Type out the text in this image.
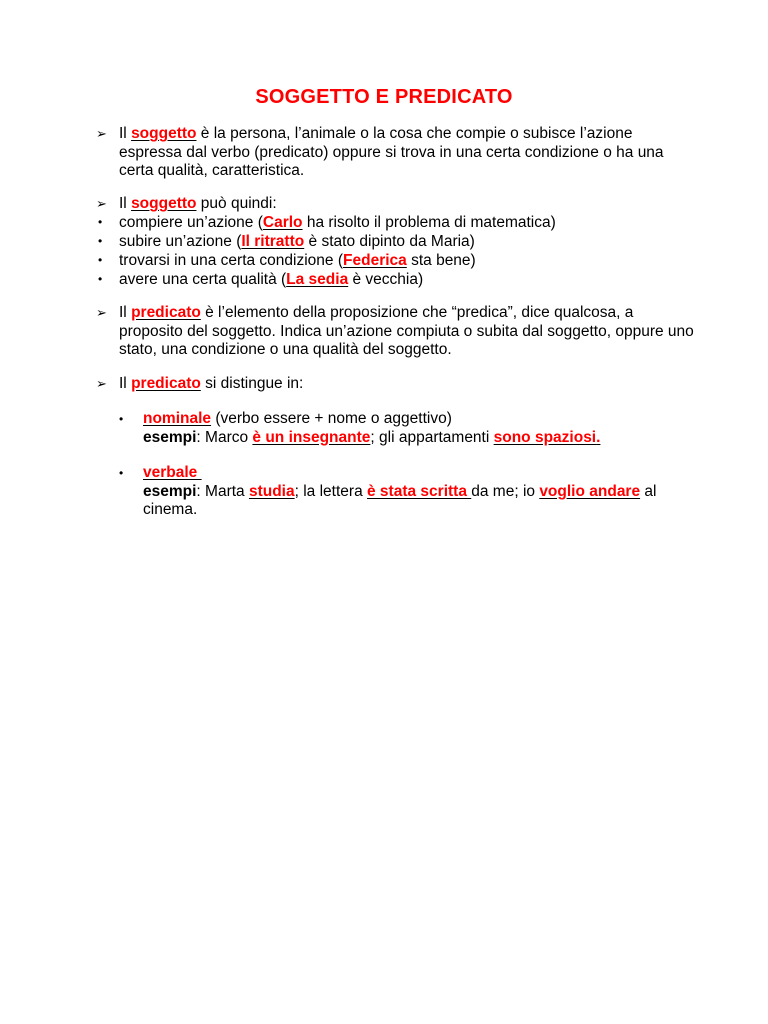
SOGGETTO E PREDICATO
➢ Il soggetto è la persona, l’animale o la cosa che compie o subisce l’azione espressa dal verbo (predicato) oppure si trova in una certa condizione o ha una certa qualità, caratteristica.
➢ Il soggetto può quindi:
• compiere un’azione (Carlo ha risolto il problema di matematica)
• subire un’azione (Il ritratto è stato dipinto da Maria)
• trovarsi in una certa condizione (Federica sta bene)
• avere una certa qualità (La sedia è vecchia)
➢ Il predicato è l’elemento della proposizione che “predica”, dice qualcosa, a proposito del soggetto. Indica un’azione compiuta o subita dal soggetto, oppure uno stato, una condizione o una qualità del soggetto.
➢ Il predicato si distingue in:
• nominale (verbo essere + nome o aggettivo)
esempi: Marco è un insegnante; gli appartamenti sono spaziosi.
• verbale
esempi: Marta studia; la lettera è stata scritta da me; io voglio andare al cinema.
